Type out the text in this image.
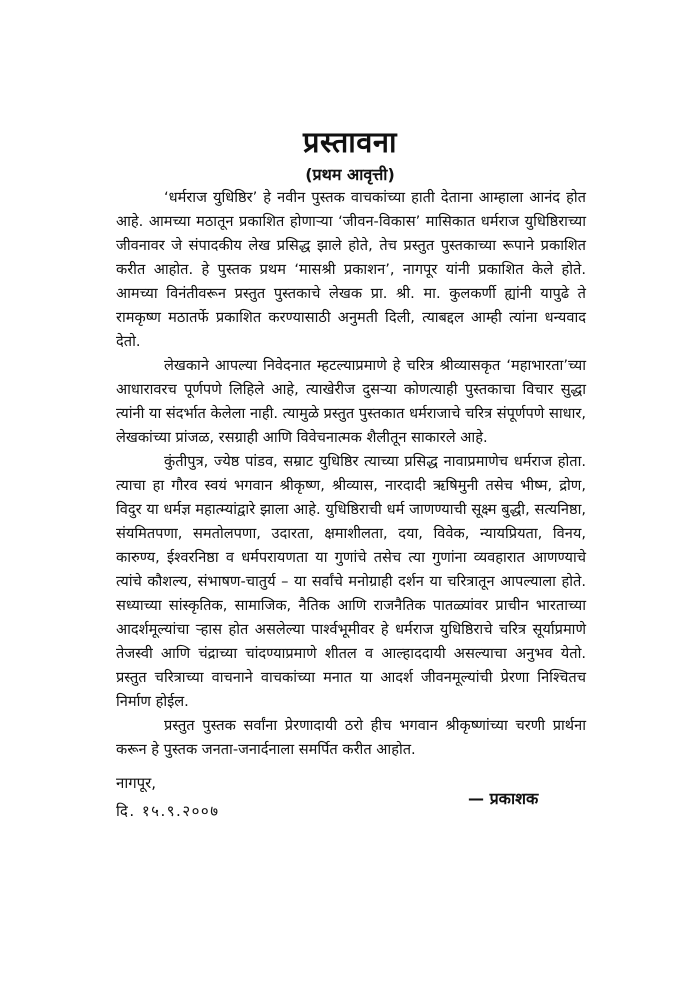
प्रस्तावना
(प्रथम आवृत्ती)

‘धर्मराज युधिष्ठिर’ हे नवीन पुस्तक वाचकांच्या हाती देताना आम्हाला आनंद होत आहे. आमच्या मठातून प्रकाशित होणाऱ्या ‘जीवन-विकास’ मासिकात धर्मराज युधिष्ठिराच्या जीवनावर जे संपादकीय लेख प्रसिद्ध झाले होते, तेच प्रस्तुत पुस्तकाच्या रूपाने प्रकाशित करीत आहोत. हे पुस्तक प्रथम ‘मासश्री प्रकाशन’, नागपूर यांनी प्रकाशित केले होते. आमच्या विनंतीवरून प्रस्तुत पुस्तकाचे लेखक प्रा. श्री. मा. कुलकर्णी ह्यांनी यापुढे ते रामकृष्ण मठातर्फे प्रकाशित करण्यासाठी अनुमती दिली, त्याबद्दल आम्ही त्यांना धन्यवाद देतो.

लेखकाने आपल्या निवेदनात म्हटल्याप्रमाणे हे चरित्र श्रीव्यासकृत ‘महाभारता’च्या आधारावरच पूर्णपणे लिहिले आहे, त्याखेरीज दुसऱ्या कोणत्याही पुस्तकाचा विचार सुद्धा त्यांनी या संदर्भात केलेला नाही. त्यामुळे प्रस्तुत पुस्तकात धर्मराजाचे चरित्र संपूर्णपणे साधार, लेखकांच्या प्रांजळ, रसग्राही आणि विवेचनात्मक शैलीतून साकारले आहे.

कुंतीपुत्र, ज्येष्ठ पांडव, सम्राट युधिष्ठिर त्याच्या प्रसिद्ध नावाप्रमाणेच धर्मराज होता. त्याचा हा गौरव स्वयं भगवान श्रीकृष्ण, श्रीव्यास, नारदादी ऋषिमुनी तसेच भीष्म, द्रोण, विदुर या धर्मज्ञ महात्म्यांद्वारे झाला आहे. युधिष्ठिराची धर्म जाणण्याची सूक्ष्म बुद्धी, सत्यनिष्ठा, संयमितपणा, समतोलपणा, उदारता, क्षमाशीलता, दया, विवेक, न्यायप्रियता, विनय, कारुण्य, ईश्वरनिष्ठा व धर्मपरायणता या गुणांचे तसेच त्या गुणांना व्यवहारात आणण्याचे त्यांचे कौशल्य, संभाषण-चातुर्य – या सर्वांचे मनोग्राही दर्शन या चरित्रातून आपल्याला होते. सध्याच्या सांस्कृतिक, सामाजिक, नैतिक आणि राजनैतिक पातळ्यांवर प्राचीन भारताच्या आदर्शमूल्यांचा ऱ्हास होत असलेल्या पार्श्वभूमीवर हे धर्मराज युधिष्ठिराचे चरित्र सूर्याप्रमाणे तेजस्वी आणि चंद्राच्या चांदण्याप्रमाणे शीतल व आल्हाददायी असल्याचा अनुभव येतो. प्रस्तुत चरित्राच्या वाचनाने वाचकांच्या मनात या आदर्श जीवनमूल्यांची प्रेरणा निश्चितच निर्माण होईल.

प्रस्तुत पुस्तक सर्वांना प्रेरणादायी ठरो हीच भगवान श्रीकृष्णांच्या चरणी प्रार्थना करून हे पुस्तक जनता-जनार्दनाला समर्पित करीत आहोत.

नागपूर,
— प्रकाशक
दि. १५.९.२००७
